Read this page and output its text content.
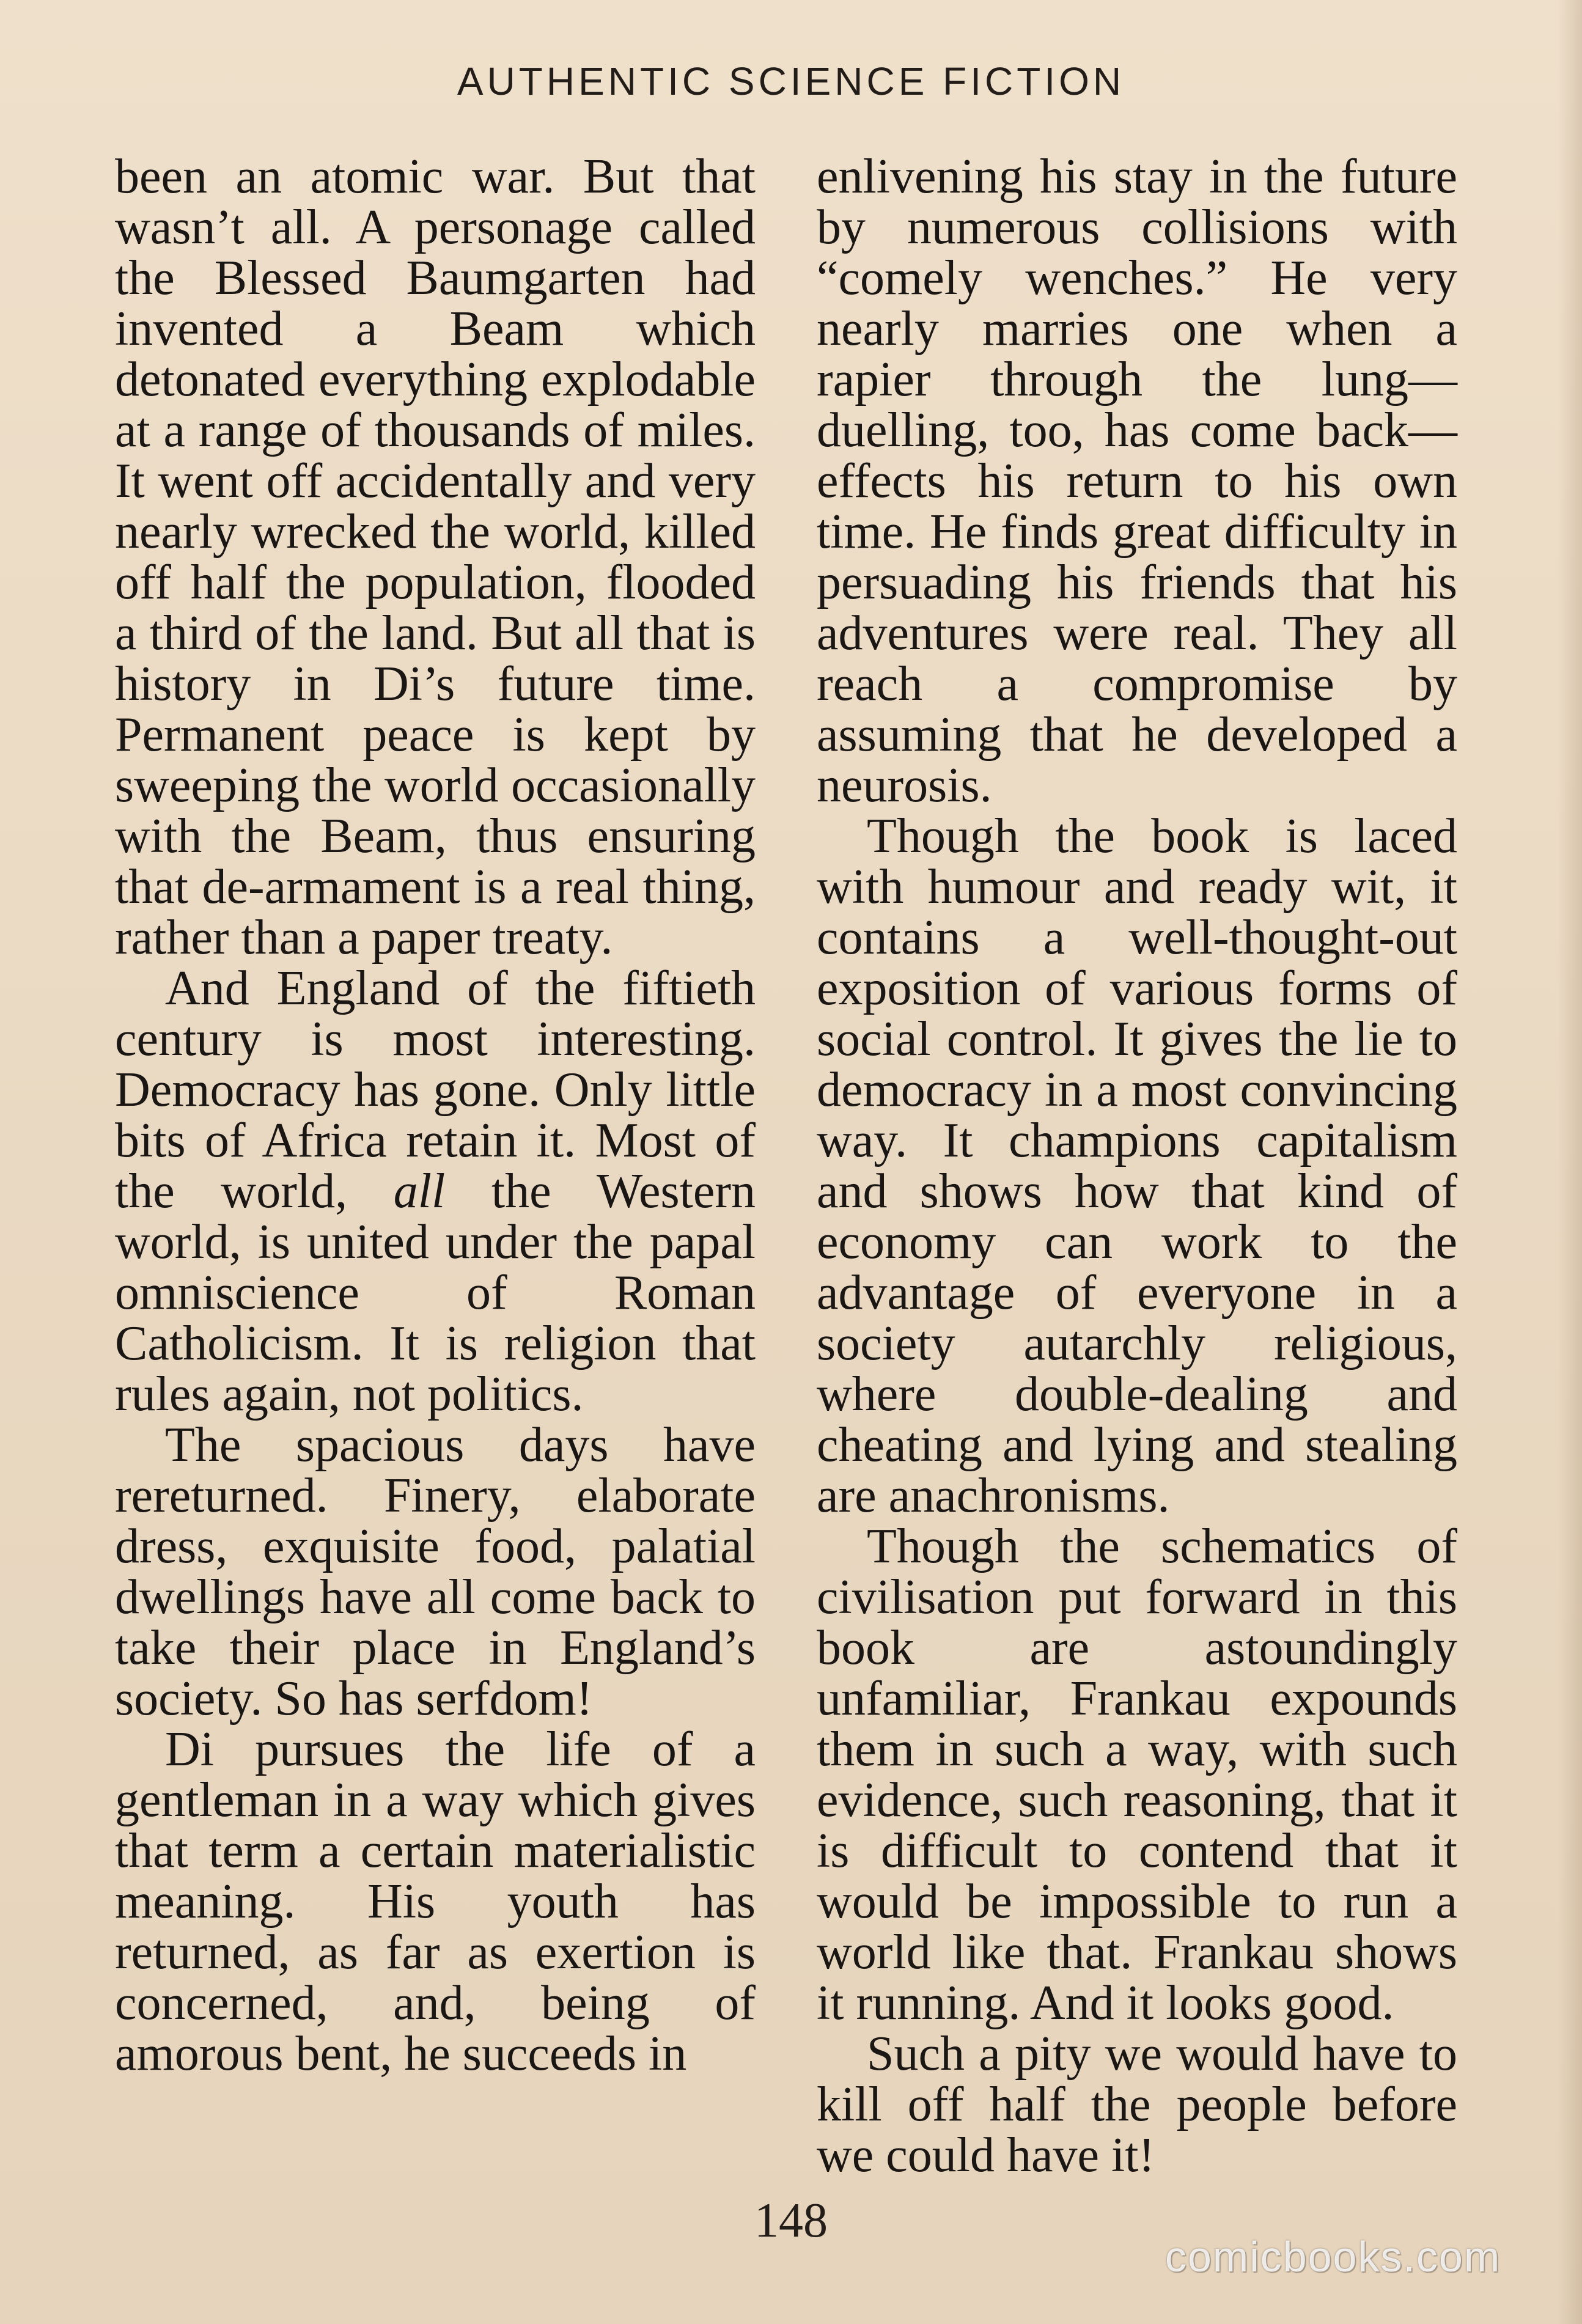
AUTHENTIC SCIENCE FICTION

been an atomic war. But that wasn’t all. A personage called the Blessed Baumgarten had invented a Beam which detonated everything explodable at a range of thousands of miles. It went off accidentally and very nearly wrecked the world, killed off half the population, flooded a third of the land. But all that is history in Di’s future time. Permanent peace is kept by sweeping the world occasionally with the Beam, thus ensuring that de-armament is a real thing, rather than a paper treaty.

And England of the fiftieth century is most interesting. Democracy has gone. Only little bits of Africa retain it. Most of the world, all the Western world, is united under the papal omniscience of Roman Catholicism. It is religion that rules again, not politics.

The spacious days have rereturned. Finery, elaborate dress, exquisite food, palatial dwellings have all come back to take their place in England’s society. So has serfdom!

Di pursues the life of a gentleman in a way which gives that term a certain materialistic meaning. His youth has returned, as far as exertion is concerned, and, being of amorous bent, he succeeds in

enlivening his stay in the future by numerous collisions with “comely wenches.” He very nearly marries one when a rapier through the lung—duelling, too, has come back—effects his return to his own time. He finds great difficulty in persuading his friends that his adventures were real. They all reach a compromise by assuming that he developed a neurosis.

Though the book is laced with humour and ready wit, it contains a well-thought-out exposition of various forms of social control. It gives the lie to democracy in a most convincing way. It champions capitalism and shows how that kind of economy can work to the advantage of everyone in a society autarchly religious, where double-dealing and cheating and lying and stealing are anachronisms.

Though the schematics of civilisation put forward in this book are astoundingly unfamiliar, Frankau expounds them in such a way, with such evidence, such reasoning, that it is difficult to contend that it would be impossible to run a world like that. Frankau shows it running. And it looks good.

Such a pity we would have to kill off half the people before we could have it!

148
comicbooks.com
